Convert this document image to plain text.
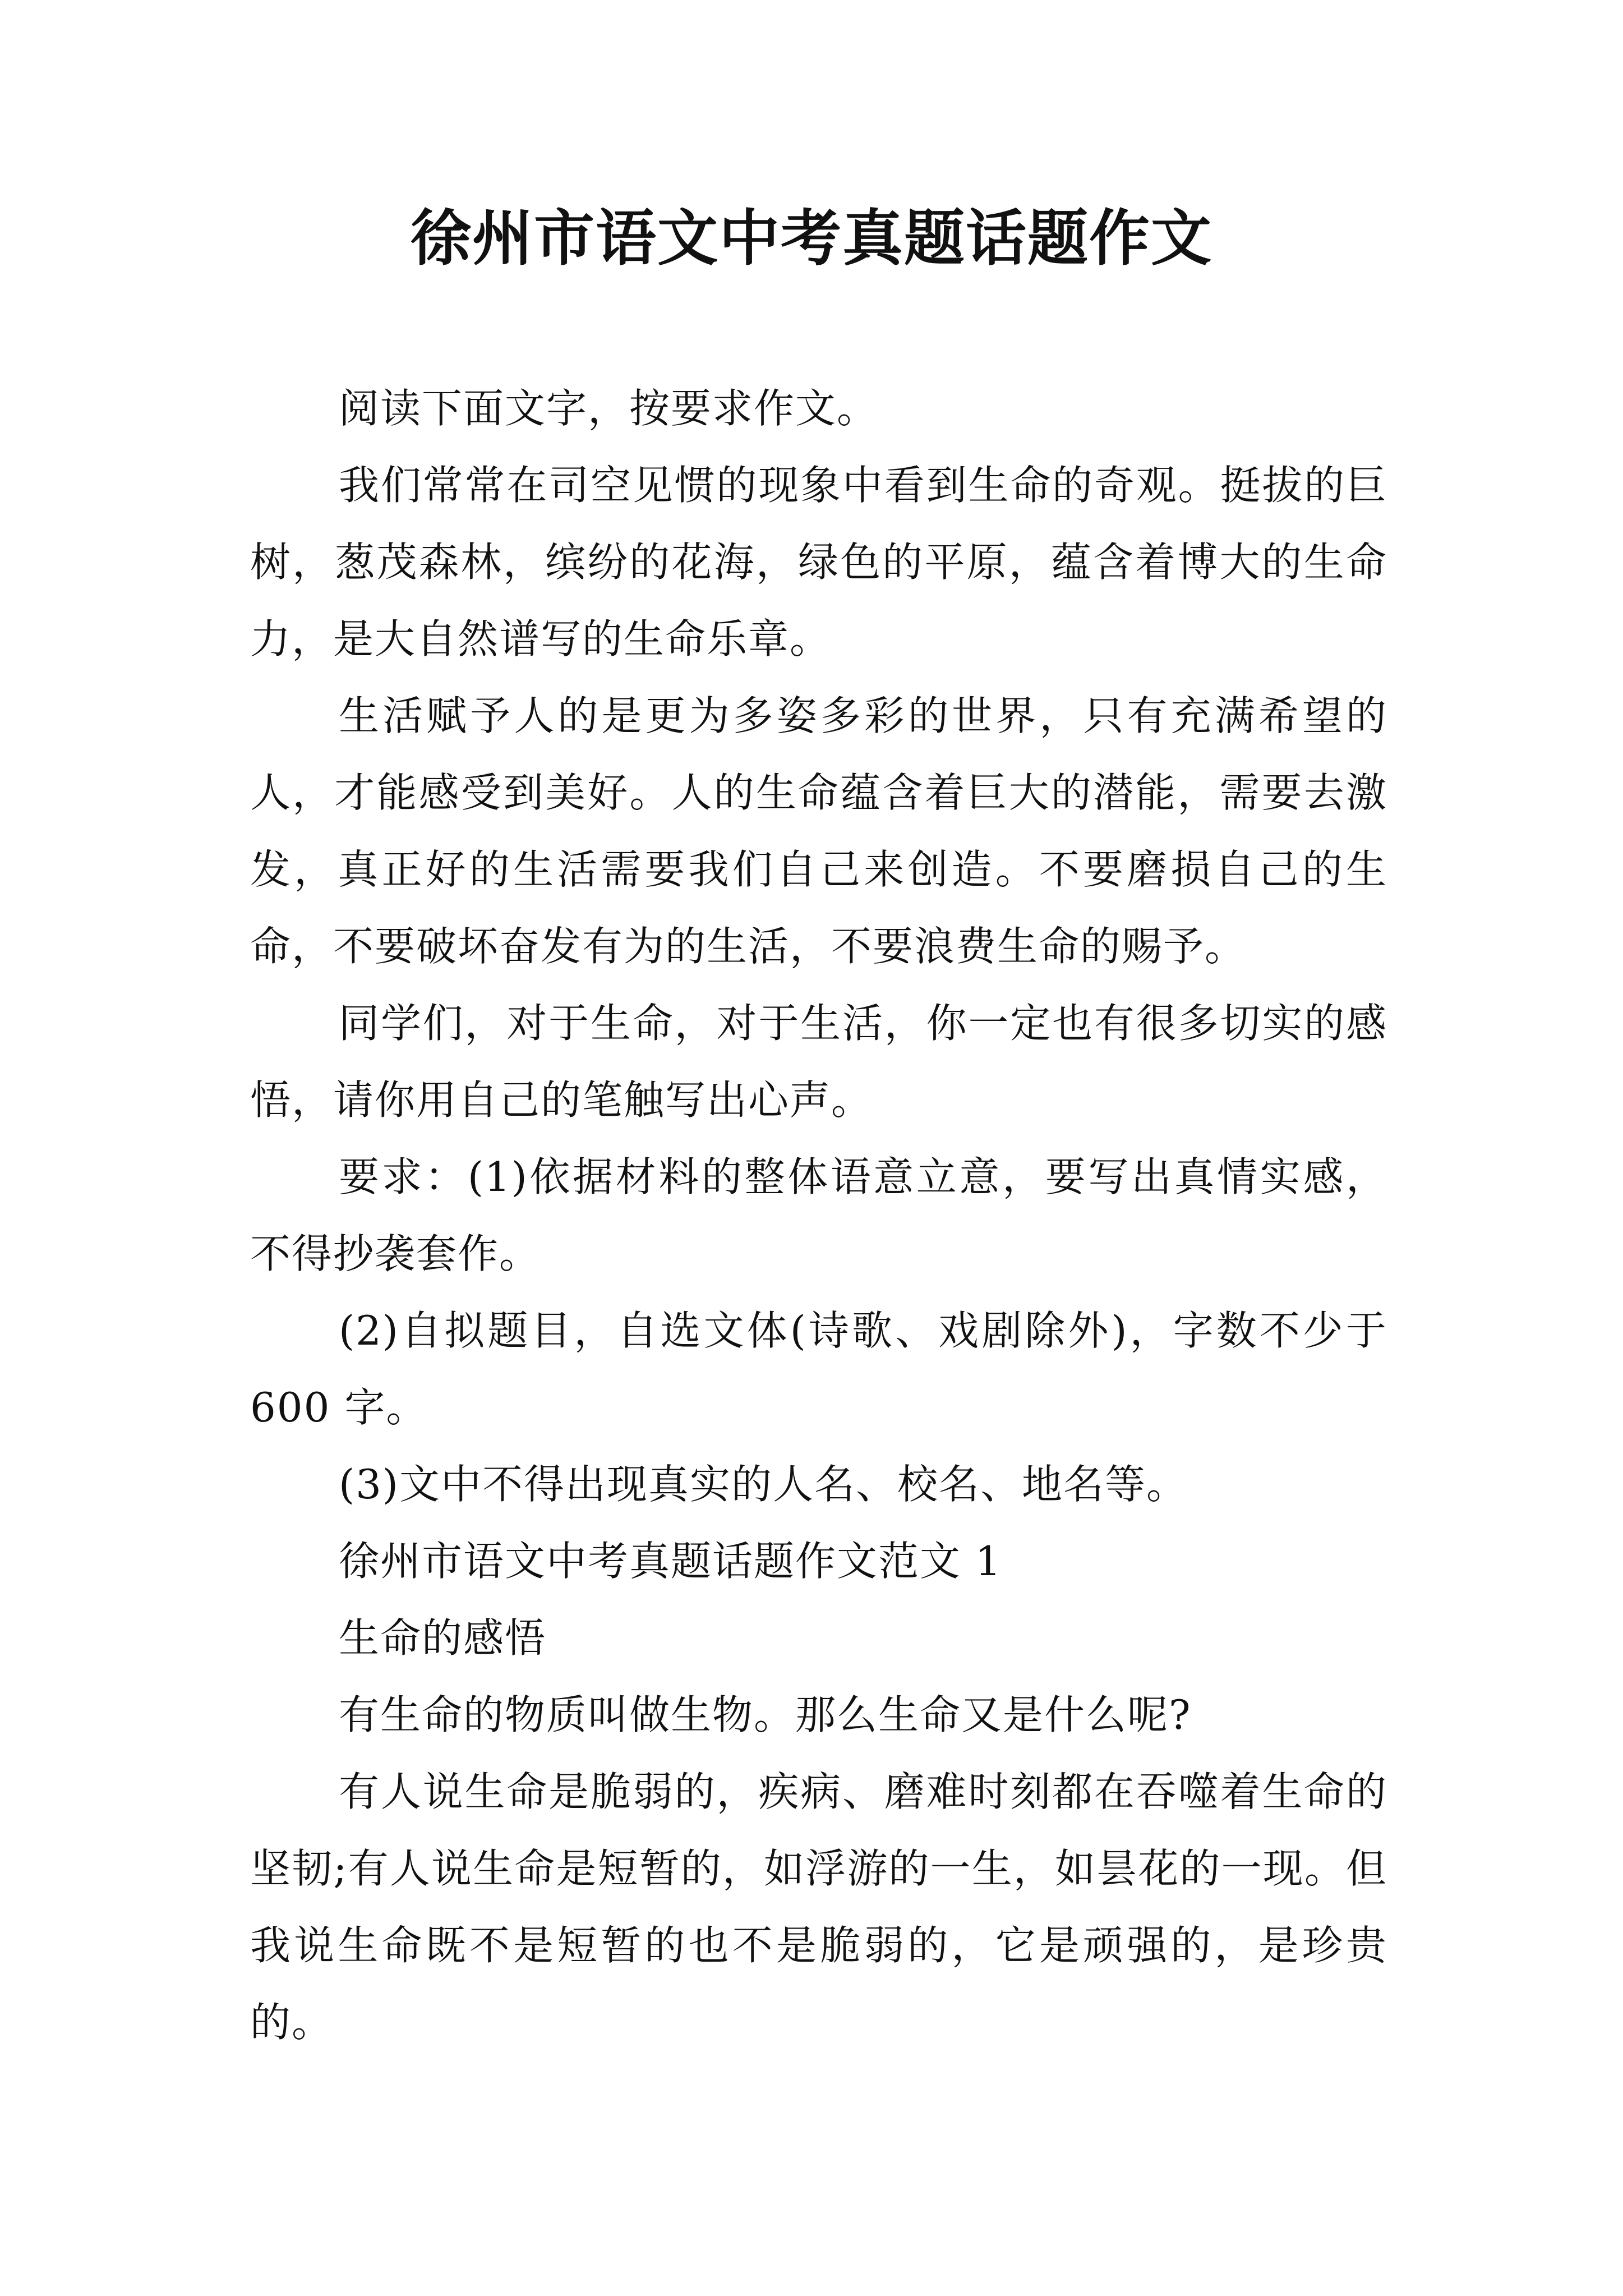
徐州市语文中考真题话题作文

阅读下面文字，按要求作文。

我们常常在司空见惯的现象中看到生命的奇观。挺拔的巨树，葱茂森林，缤纷的花海，绿色的平原，蕴含着博大的生命力，是大自然谱写的生命乐章。

生活赋予人的是更为多姿多彩的世界，只有充满希望的人，才能感受到美好。人的生命蕴含着巨大的潜能，需要去激发，真正好的生活需要我们自己来创造。不要磨损自己的生命，不要破坏奋发有为的生活，不要浪费生命的赐予。

同学们，对于生命，对于生活，你一定也有很多切实的感悟，请你用自己的笔触写出心声。

要求：(1)依据材料的整体语意立意，要写出真情实感，不得抄袭套作。

(2)自拟题目，自选文体(诗歌、戏剧除外)，字数不少于 600 字。

(3)文中不得出现真实的人名、校名、地名等。

徐州市语文中考真题话题作文范文 1

生命的感悟

有生命的物质叫做生物。那么生命又是什么呢?

有人说生命是脆弱的，疾病、磨难时刻都在吞噬着生命的坚韧;有人说生命是短暂的，如浮游的一生，如昙花的一现。但我说生命既不是短暂的也不是脆弱的，它是顽强的，是珍贵的。
